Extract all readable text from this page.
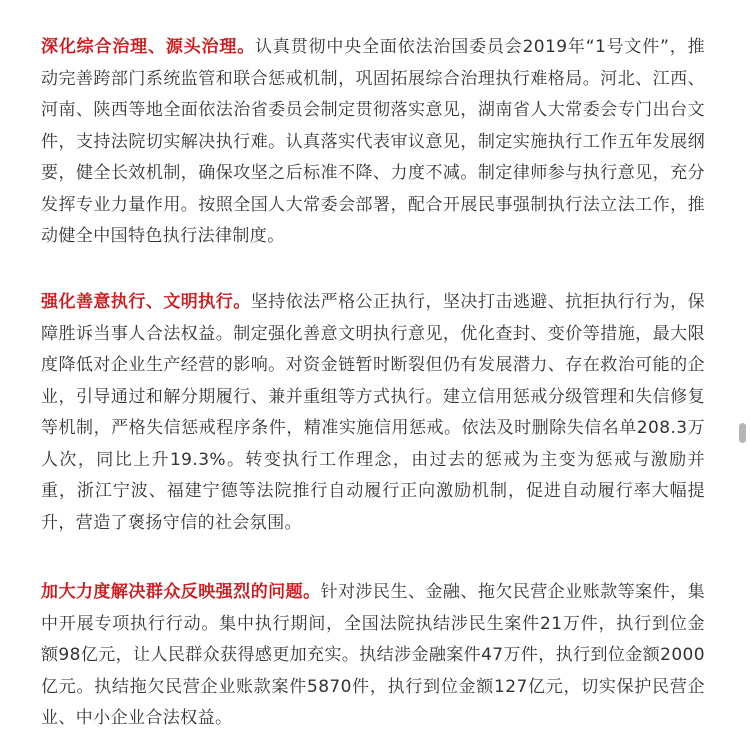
深化综合治理、源头治理。认真贯彻中央全面依法治国委员会2019年“1号文件”，推动完善跨部门系统监管和联合惩戒机制，巩固拓展综合治理执行难格局。河北、江西、河南、陕西等地全面依法治省委员会制定贯彻落实意见，湖南省人大常委会专门出台文件，支持法院切实解决执行难。认真落实代表审议意见，制定实施执行工作五年发展纲要，健全长效机制，确保攻坚之后标准不降、力度不减。制定律师参与执行意见，充分发挥专业力量作用。按照全国人大常委会部署，配合开展民事强制执行法立法工作，推动健全中国特色执行法律制度。

强化善意执行、文明执行。坚持依法严格公正执行，坚决打击逃避、抗拒执行行为，保障胜诉当事人合法权益。制定强化善意文明执行意见，优化查封、变价等措施，最大限度降低对企业生产经营的影响。对资金链暂时断裂但仍有发展潜力、存在救治可能的企业，引导通过和解分期履行、兼并重组等方式执行。建立信用惩戒分级管理和失信修复等机制，严格失信惩戒程序条件，精准实施信用惩戒。依法及时删除失信名单208.3万人次，同比上升19.3%。转变执行工作理念，由过去的惩戒为主变为惩戒与激励并重，浙江宁波、福建宁德等法院推行自动履行正向激励机制，促进自动履行率大幅提升，营造了褒扬守信的社会氛围。

加大力度解决群众反映强烈的问题。针对涉民生、金融、拖欠民营企业账款等案件，集中开展专项执行行动。集中执行期间，全国法院执结涉民生案件21万件，执行到位金额98亿元，让人民群众获得感更加充实。执结涉金融案件47万件，执行到位金额2000亿元。执结拖欠民营企业账款案件5870件，执行到位金额127亿元，切实保护民营企业、中小企业合法权益。
